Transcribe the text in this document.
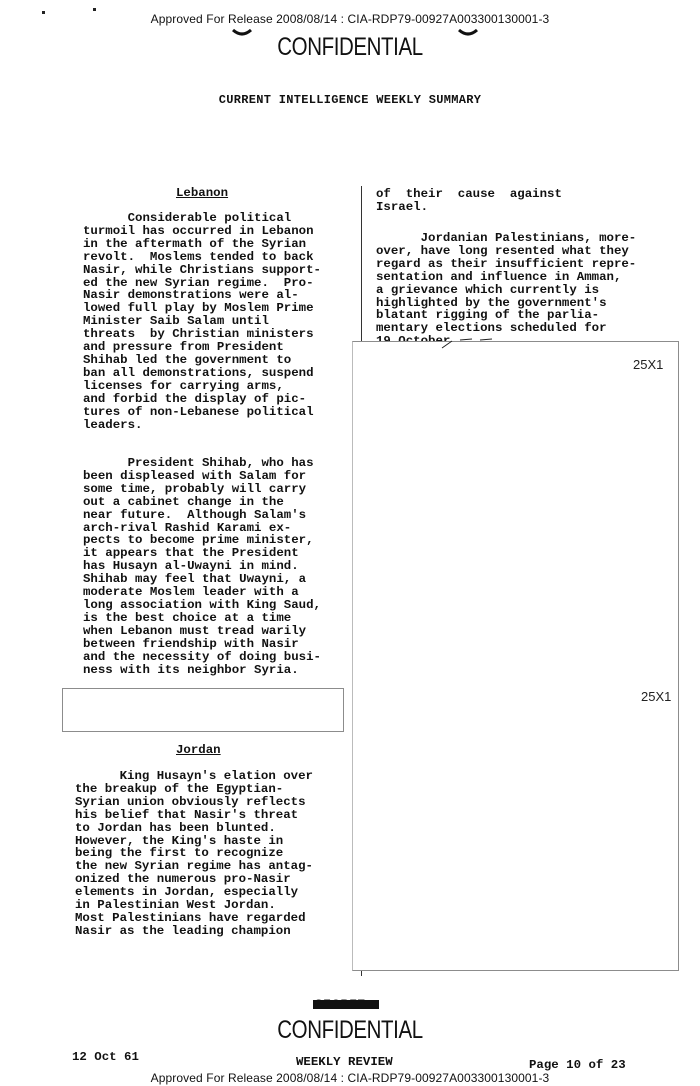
Approved For Release 2008/08/14 : CIA-RDP79-00927A003300130001-3
CONFIDENTIAL
CURRENT INTELLIGENCE WEEKLY SUMMARY
Lebanon
Considerable political
turmoil has occurred in Lebanon
in the aftermath of the Syrian
revolt.  Moslems tended to back
Nasir, while Christians support-
ed the new Syrian regime.  Pro-
Nasir demonstrations were al-
lowed full play by Moslem Prime
Minister Saib Salam until
threats  by Christian ministers
and pressure from President
Shihab led the government to
ban all demonstrations, suspend
licenses for carrying arms,
and forbid the display of pic-
tures of non-Lebanese political
leaders.
President Shihab, who has
been displeased with Salam for
some time, probably will carry
out a cabinet change in the
near future.  Although Salam's
arch-rival Rashid Karami ex-
pects to become prime minister,
it appears that the President
has Husayn al-Uwayni in mind.
Shihab may feel that Uwayni, a
moderate Moslem leader with a
long association with King Saud,
is the best choice at a time
when Lebanon must tread warily
between friendship with Nasir
and the necessity of doing busi-
ness with its neighbor Syria.
Jordan
King Husayn's elation over
the breakup of the Egyptian-
Syrian union obviously reflects
his belief that Nasir's threat
to Jordan has been blunted.
However, the King's haste in
being the first to recognize
the new Syrian regime has antag-
onized the numerous pro-Nasir
elements in Jordan, especially
in Palestinian West Jordan.
Most Palestinians have regarded
Nasir as the leading champion
of  their  cause  against
Israel.
Jordanian Palestinians, more-
over, have long resented what they
regard as their insufficient repre-
sentation and influence in Amman,
a grievance which currently is
highlighted by the government's
blatant rigging of the parlia-
mentary elections scheduled for

25X1
25X1
CONFIDENTIAL
12 Oct 61	WEEKLY REVIEW	Page 10 of 23
Approved For Release 2008/08/14 : CIA-RDP79-00927A003300130001-3
